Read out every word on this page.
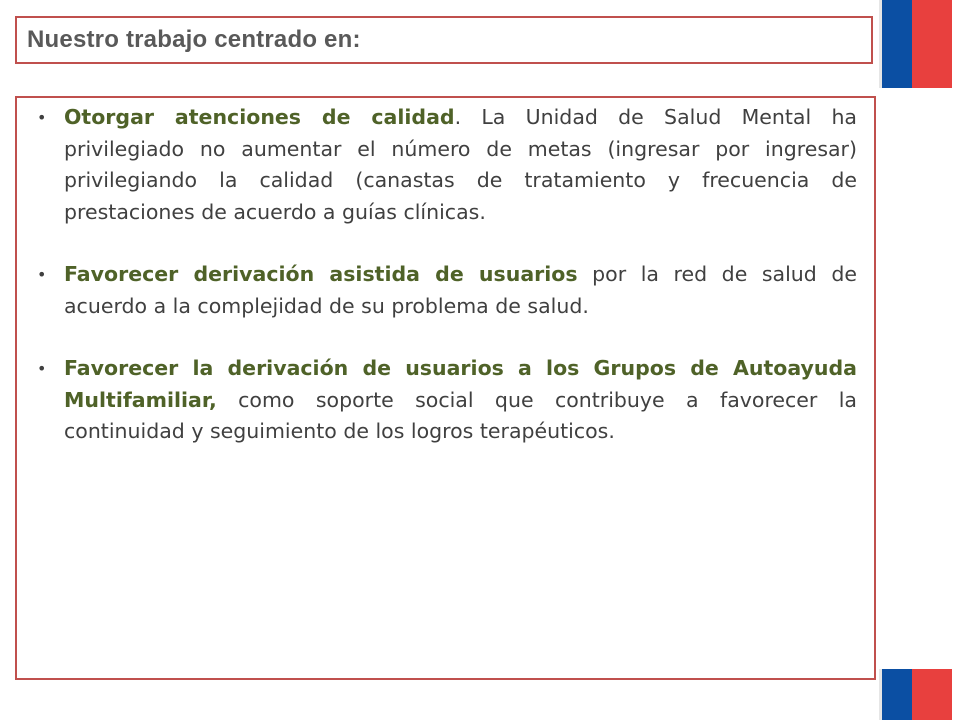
Nuestro trabajo centrado en:
• Otorgar atenciones de calidad. La Unidad de Salud Mental ha privilegiado no aumentar el número de metas (ingresar por ingresar) privilegiando la calidad (canastas de tratamiento y frecuencia de prestaciones de acuerdo a guías clínicas.
• Favorecer derivación asistida de usuarios por la red de salud de acuerdo a la complejidad de su problema de salud.
• Favorecer la derivación de usuarios a los Grupos de Autoayuda Multifamiliar, como soporte social que contribuye a favorecer la continuidad y seguimiento de los logros terapéuticos.
